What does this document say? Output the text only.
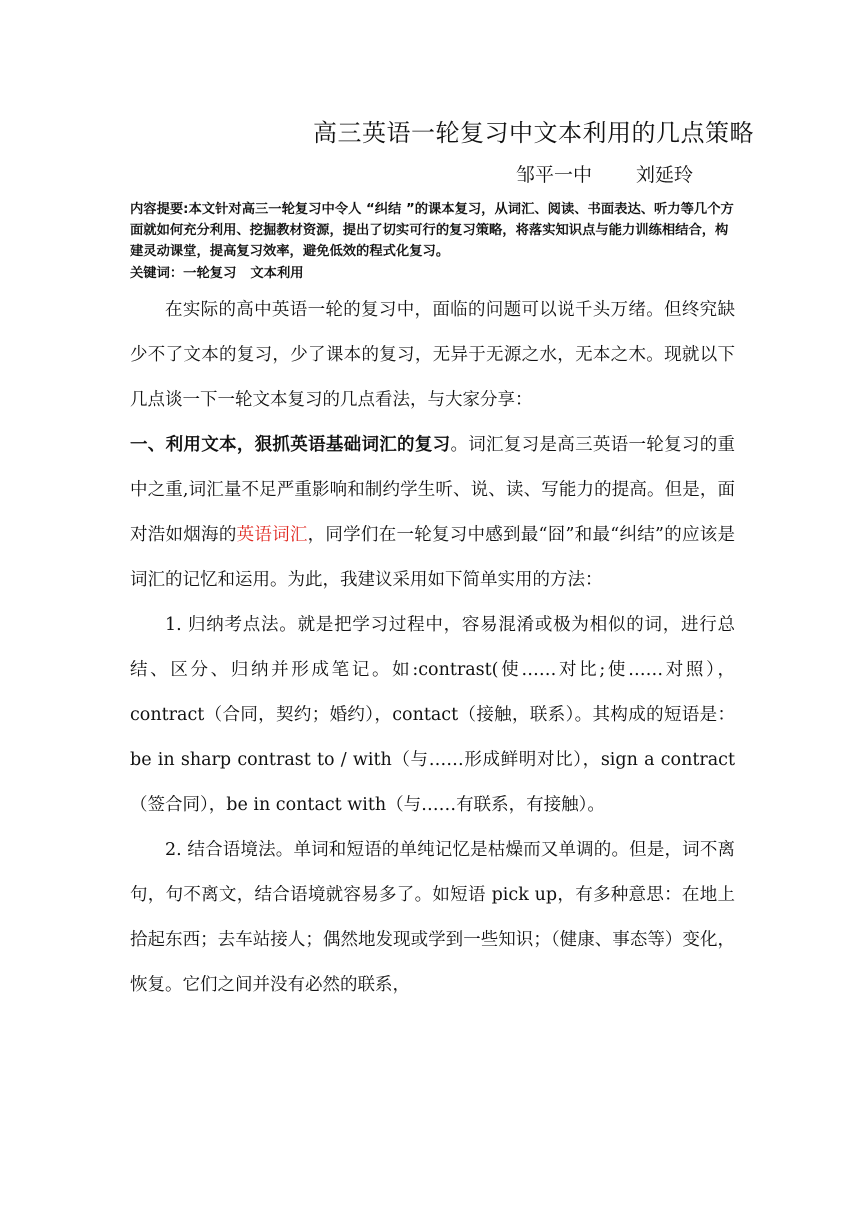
高三英语一轮复习中文本利用的几点策略
邹平一中 刘延玲
内容提要:本文针对高三一轮复习中令人 “纠结 ”的课本复习，从词汇、阅读、书面表达、听力等几个方面就如何充分利用、挖掘教材资源，提出了切实可行的复习策略，将落实知识点与能力训练相结合，构建灵动课堂，提高复习效率，避免低效的程式化复习。
关键词：一轮复习 文本利用

在实际的高中英语一轮的复习中，面临的问题可以说千头万绪。但终究缺少不了文本的复习，少了课本的复习，无异于无源之水，无本之木。现就以下几点谈一下一轮文本复习的几点看法，与大家分享：

一、利用文本，狠抓英语基础词汇的复习。词汇复习是高三英语一轮复习的重中之重,词汇量不足严重影响和制约学生听、说、读、写能力的提高。但是，面对浩如烟海的英语词汇，同学们在一轮复习中感到最“囧”和最“纠结”的应该是词汇的记忆和运用。为此，我建议采用如下简单实用的方法：

1. 归纳考点法。就是把学习过程中，容易混淆或极为相似的词，进行总结、区分、归纳并形成笔记。如:contrast(使……对比;使……对照），contract（合同，契约；婚约），contact（接触，联系）。其构成的短语是：be in sharp contrast to / with（与……形成鲜明对比），sign a contract（签合同），be in contact with（与……有联系，有接触）。

2. 结合语境法。单词和短语的单纯记忆是枯燥而又单调的。但是，词不离句，句不离文，结合语境就容易多了。如短语 pick up，有多种意思：在地上拾起东西；去车站接人；偶然地发现或学到一些知识；（健康、事态等）变化，恢复。它们之间并没有必然的联系，
